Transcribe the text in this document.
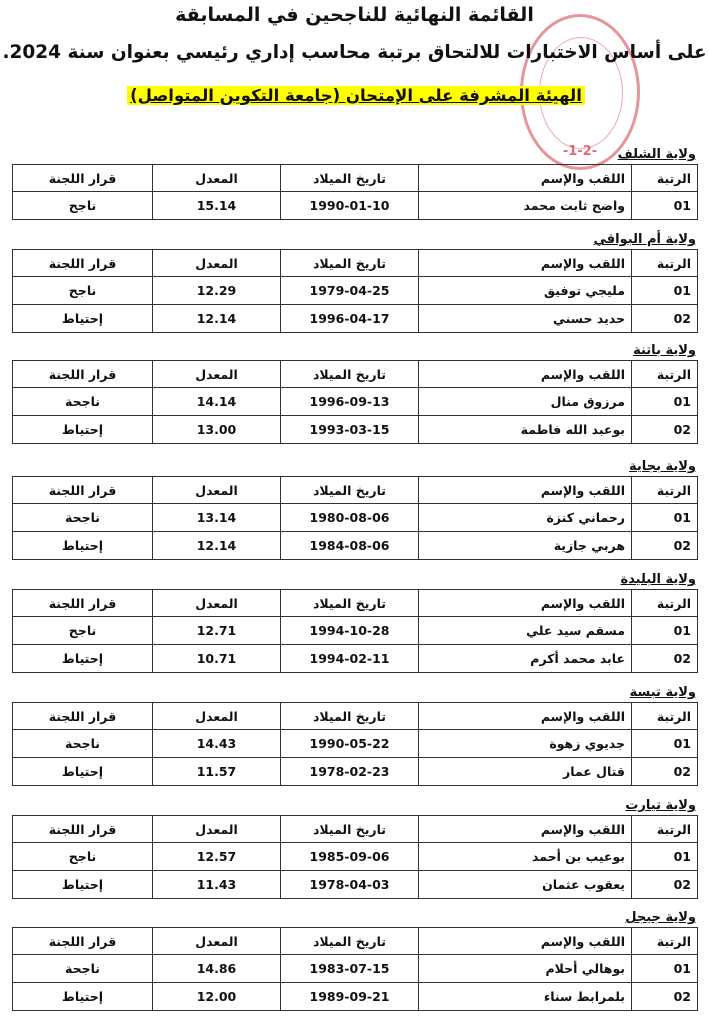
-1-2-
القائمة النهائية للناجحين في المسابقة
على أساس الاختبارات للالتحاق برتبة محاسب إداري رئيسي بعنوان سنة 2024.
الهيئة المشرفة على الإمتحان (جامعة التكوين المتواصل)
ولاية الشلف
الرتبة	اللقب والإسم	تاريخ الميلاد	المعدل	قرار اللجنة
01	واضح ثابت محمد	1990-01-10	15.14	ناجح
ولاية أم البواقي
الرتبة	اللقب والإسم	تاريخ الميلاد	المعدل	قرار اللجنة
01	مليجي توفيق	1979-04-25	12.29	ناجح
02	حديد حسني	1996-04-17	12.14	إحتياط
ولاية باتنة
الرتبة	اللقب والإسم	تاريخ الميلاد	المعدل	قرار اللجنة
01	مرزوق منال	1996-09-13	14.14	ناجحة
02	بوعبد الله فاطمة	1993-03-15	13.00	إحتياط
ولاية بجاية
الرتبة	اللقب والإسم	تاريخ الميلاد	المعدل	قرار اللجنة
01	رحماني كنزة	1980-08-06	13.14	ناجحة
02	هربي جازية	1984-08-06	12.14	إحتياط
ولاية البليدة
الرتبة	اللقب والإسم	تاريخ الميلاد	المعدل	قرار اللجنة
01	مسقم سيد علي	1994-10-28	12.71	ناجح
02	عابد محمد أكرم	1994-02-11	10.71	إحتياط
ولاية تبسة
الرتبة	اللقب والإسم	تاريخ الميلاد	المعدل	قرار اللجنة
01	جديوي زهوة	1990-05-22	14.43	ناجحة
02	قتال عمار	1978-02-23	11.57	إحتياط
ولاية تيارت
الرتبة	اللقب والإسم	تاريخ الميلاد	المعدل	قرار اللجنة
01	بوعيب بن أحمد	1985-09-06	12.57	ناجح
02	يعقوب عثمان	1978-04-03	11.43	إحتياط
ولاية جيجل
الرتبة	اللقب والإسم	تاريخ الميلاد	المعدل	قرار اللجنة
01	بوهالي أحلام	1983-07-15	14.86	ناجحة
02	بلمرابط سناء	1989-09-21	12.00	إحتياط
